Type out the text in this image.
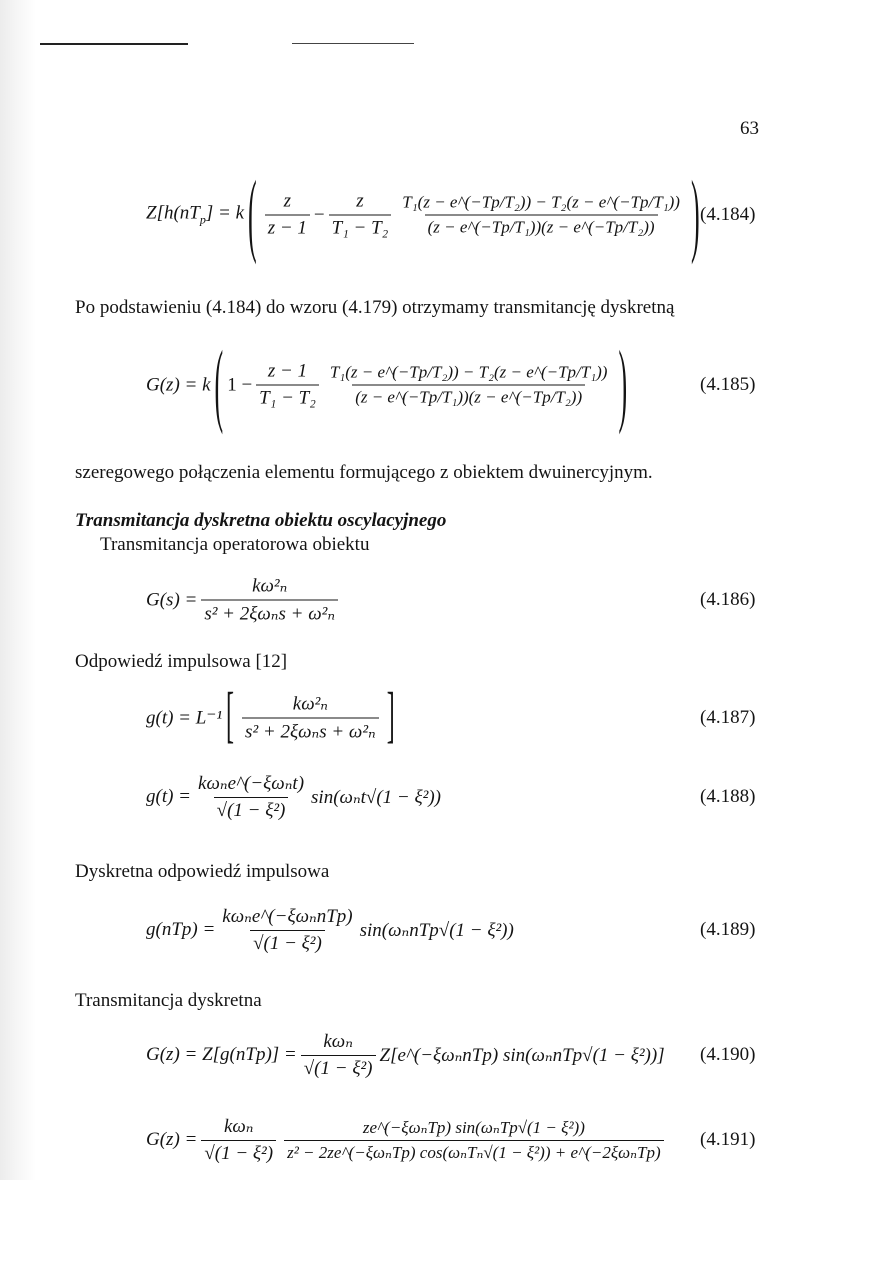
63
$Z[h(nT_p] = k$ ( $\frac{z}{z - 1} - \frac{z}{\text{T₁ − T₂}} \frac{\text{T₁(z − e\textasciicircum{}(−Tp/T₂)) − T₂(z − e\textasciicircum{}(−Tp/T₁))}}{\text{(z − e\textasciicircum{}(−Tp/T₁))(z − e\textasciicircum{}(−Tp/T₂))}}$ ) (4.184)
Po podstawieniu (4.184) do wzoru (4.179) otrzymamy transmitancję dyskretną
G(z) = k ( $1 - \frac{z - 1}{\text{T₁ − T₂}} \frac{\text{T₁(z − e\textasciicircum{}(−Tp/T₂)) − T₂(z − e\textasciicircum{}(−Tp/T₁))}}{\text{(z − e\textasciicircum{}(−Tp/T₁))(z − e\textasciicircum{}(−Tp/T₂))}}$ )	(4.185)
szeregowego połączenia elementu formującego z obiektem dwuinercyjnym.
Transmitancja dyskretna obiektu oscylacyjnego
Transmitancja operatorowa obiektu
$G(s) = \frac{\text{kω²ₙ}}{\text{s² + 2ξωₙs + ω²ₙ}}$	(4.186)
Odpowiedź impulsowa [12]
g(t) = L⁻¹ [ $\frac{\text{kω²ₙ}}{\text{s² + 2ξωₙs + ω²ₙ}}$ ]	(4.187)
$g(t) = \frac{\text{kωₙe\textasciicircum{}(−ξωₙt)}}{\text{√(1 − ξ²)}} \sin(\omega_nt√(1 - \xi^2))$	(4.188)
Dyskretna odpowiedź impulsowa
$g(nTp) = \frac{\text{kωₙe\textasciicircum{}(−ξωₙnTp)}}{\text{√(1 − ξ²)}} \sin(\omega_nnTp√(1 - \xi^2))$	(4.189)
Transmitancja dyskretna
$G(z) = Z[g(nTp)] = \frac{\text{kωₙ}}{\text{√(1 − ξ²)}}$ Z[e^(−ξωₙnTp) sin(ωₙnTp√(1 − ξ²))] (4.190)
$G(z) = \frac{\text{kωₙ}}{\text{√(1 − ξ²)}} \frac{\text{ze\textasciicircum{}(−ξωₙTp) sin(ωₙTp√(1 − ξ²))}}{\text{z² − 2ze\textasciicircum{}(−ξωₙTp) cos(ωₙTₙ√(1 − ξ²)) + e\textasciicircum{}(−2ξωₙTp)}} (4.191)$
